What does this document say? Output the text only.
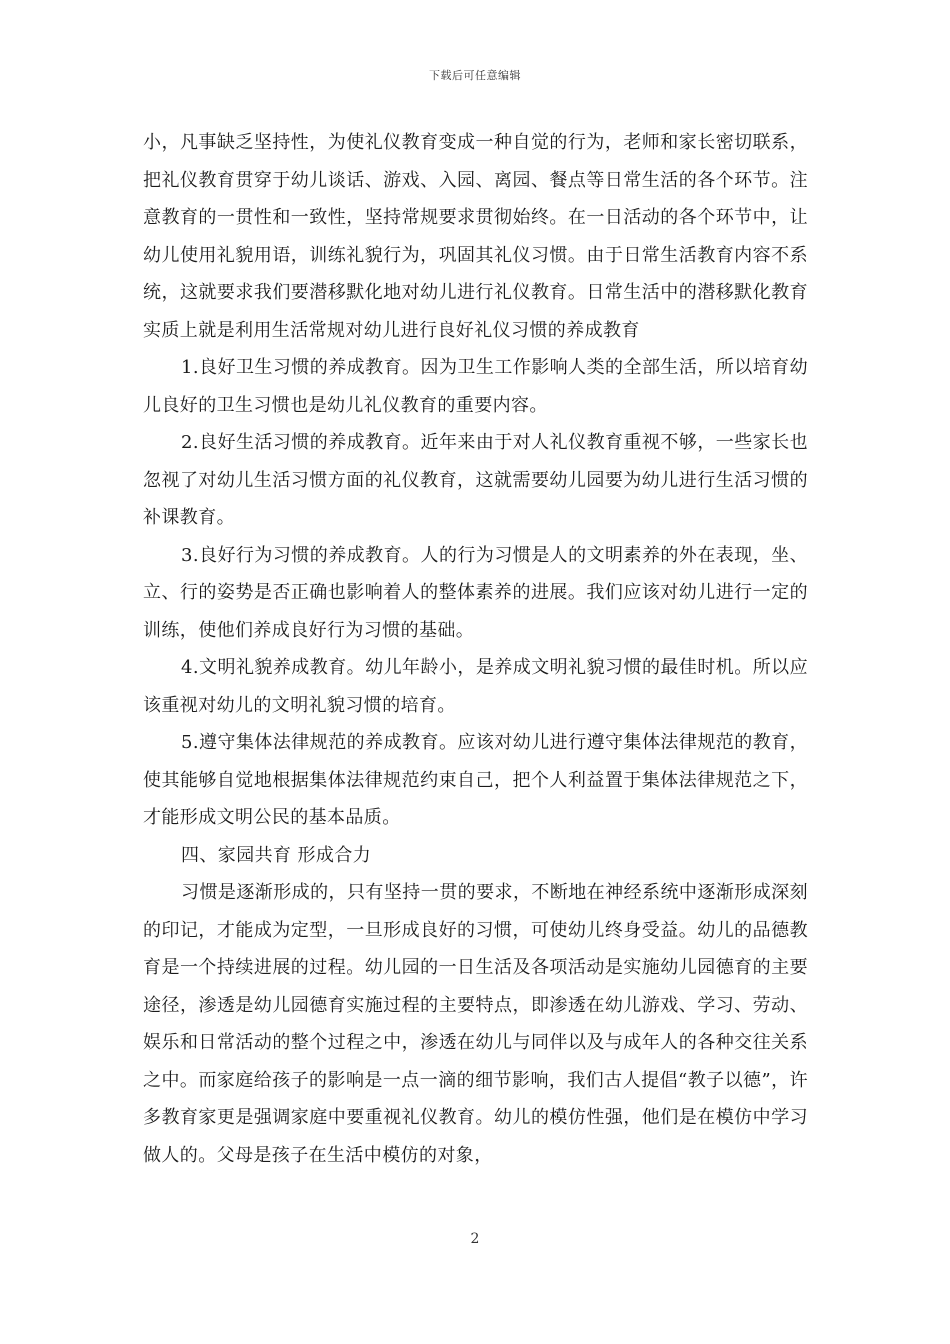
下载后可任意编辑

小，凡事缺乏坚持性，为使礼仪教育变成一种自觉的行为，老师和家长密切联系，把礼仪教育贯穿于幼儿谈话、游戏、入园、离园、餐点等日常生活的各个环节。注意教育的一贯性和一致性，坚持常规要求贯彻始终。在一日活动的各个环节中，让幼儿使用礼貌用语，训练礼貌行为，巩固其礼仪习惯。由于日常生活教育内容不系统，这就要求我们要潜移默化地对幼儿进行礼仪教育。日常生活中的潜移默化教育实质上就是利用生活常规对幼儿进行良好礼仪习惯的养成教育

1.良好卫生习惯的养成教育。因为卫生工作影响人类的全部生活，所以培育幼儿良好的卫生习惯也是幼儿礼仪教育的重要内容。

2.良好生活习惯的养成教育。近年来由于对人礼仪教育重视不够，一些家长也忽视了对幼儿生活习惯方面的礼仪教育，这就需要幼儿园要为幼儿进行生活习惯的补课教育。

3.良好行为习惯的养成教育。人的行为习惯是人的文明素养的外在表现，坐、立、行的姿势是否正确也影响着人的整体素养的进展。我们应该对幼儿进行一定的训练，使他们养成良好行为习惯的基础。

4.文明礼貌养成教育。幼儿年龄小，是养成文明礼貌习惯的最佳时机。所以应该重视对幼儿的文明礼貌习惯的培育。

5.遵守集体法律规范的养成教育。应该对幼儿进行遵守集体法律规范的教育，使其能够自觉地根据集体法律规范约束自己，把个人利益置于集体法律规范之下，才能形成文明公民的基本品质。

四、家园共育 形成合力

习惯是逐渐形成的，只有坚持一贯的要求，不断地在神经系统中逐渐形成深刻的印记，才能成为定型，一旦形成良好的习惯，可使幼儿终身受益。幼儿的品德教育是一个持续进展的过程。幼儿园的一日生活及各项活动是实施幼儿园德育的主要途径，渗透是幼儿园德育实施过程的主要特点，即渗透在幼儿游戏、学习、劳动、娱乐和日常活动的整个过程之中，渗透在幼儿与同伴以及与成年人的各种交往关系之中。而家庭给孩子的影响是一点一滴的细节影响，我们古人提倡“教子以德”，许多教育家更是强调家庭中要重视礼仪教育。幼儿的模仿性强，他们是在模仿中学习做人的。父母是孩子在生活中模仿的对象，

2
